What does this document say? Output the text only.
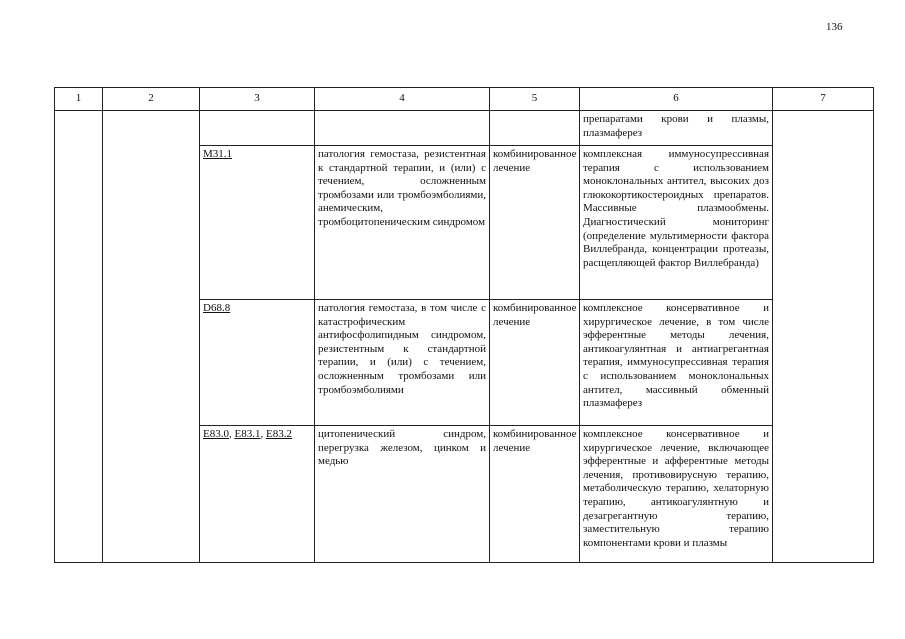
136
1	2	3	4	5	6	7
					препаратами крови и плазмы, плазмаферез	
		M31.1	патология гемостаза, резистентная к стандартной терапии, и (или) с течением, осложненным тромбозами или тромбоэмболиями, анемическим, тромбоцитопеническим синдромом	комбинированное лечение	комплексная иммуносупрессивная терапия с использованием моноклональных антител, высоких доз глюкокортикостероидных препаратов. Массивные плазмообмены. Диагностический мониторинг (определение мультимерности фактора Виллебранда, концентрации протеазы, расщепляющей фактор Виллебранда)	
		D68.8	патология гемостаза, в том числе с катастрофическим антифосфолипидным синдромом, резистентным к стандартной терапии, и (или) с течением, осложненным тромбозами или тромбоэмболиями	комбинированное лечение	комплексное консервативное и хирургическое лечение, в том числе эфферентные методы лечения, антикоагулянтная и антиагрегантная терапия, иммуносупрессивная терапия с использованием моноклональных антител, массивный обменный плазмаферез	
		E83.0, E83.1, E83.2	цитопенический синдром, перегрузка железом, цинком и медью	комбинированное лечение	комплексное консервативное и хирургическое лечение, включающее эфферентные и афферентные методы лечения, противовирусную терапию, метаболическую терапию, хелаторную терапию, антикоагулянтную и дезагрегантную терапию, заместительную терапию компонентами крови и плазмы	
